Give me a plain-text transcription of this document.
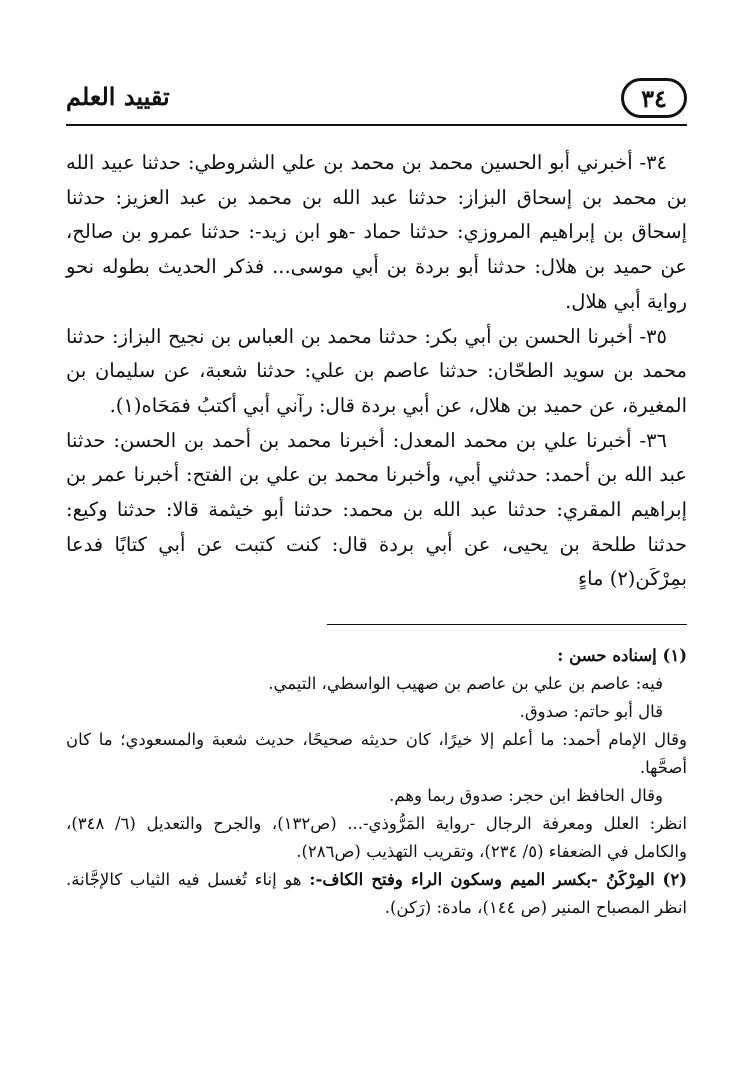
٣٤
تقييد العلم

٣٤- أخبرني أبو الحسين محمد بن محمد بن علي الشروطي: حدثنا عبيد الله بن محمد بن إسحاق البزاز: حدثنا عبد الله بن محمد بن عبد العزيز: حدثنا إسحاق بن إبراهيم المروزي: حدثنا حماد -هو ابن زيد-: حدثنا عمرو بن صالح، عن حميد بن هلال: حدثنا أبو بردة بن أبي موسى... فذكر الحديث بطوله نحو رواية أبي هلال.

٣٥- أخبرنا الحسن بن أبي بكر: حدثنا محمد بن العباس بن نجيح البزاز: حدثنا محمد بن سويد الطحّان: حدثنا عاصم بن علي: حدثنا شعبة، عن سليمان بن المغيرة، عن حميد بن هلال، عن أبي بردة قال: رآني أبي أكتبُ فمَحَاه(١).

٣٦- أخبرنا علي بن محمد المعدل: أخبرنا محمد بن أحمد بن الحسن: حدثنا عبد الله بن أحمد: حدثني أبي، وأخبرنا محمد بن علي بن الفتح: أخبرنا عمر بن إبراهيم المقري: حدثنا عبد الله بن محمد: حدثنا أبو خيثمة قالا: حدثنا وكيع: حدثنا طلحة بن يحيى، عن أبي بردة قال: كنت كتبت عن أبي كتابًا فدعا بمِرْكَن(٢) ماءٍ

(١) إسناده حسن :

فيه: عاصم بن علي بن عاصم بن صهيب الواسطي، التيمي.

قال أبو حاتم: صدوق.

وقال الإمام أحمد: ما أعلم إلا خيرًا، كان حديثه صحيحًا، حديث شعبة والمسعودي؛ ما كان أصحَّها.

وقال الحافظ ابن حجر: صدوق ربما وهم.

انظر: العلل ومعرفة الرجال -رواية المَرُّوذي-... (ص١٣٢)، والجرح والتعديل (٦/ ٣٤٨)، والكامل في الضعفاء (٥/ ٢٣٤)، وتقريب التهذيب (ص٢٨٦).

(٢) المِرْكَنُ -بكسر الميم وسكون الراء وفتح الكاف-: هو إناء تُغسل فيه الثياب كالإجَّانة. انظر المصباح المنير (ص ١٤٤)، مادة: (رَكن).
